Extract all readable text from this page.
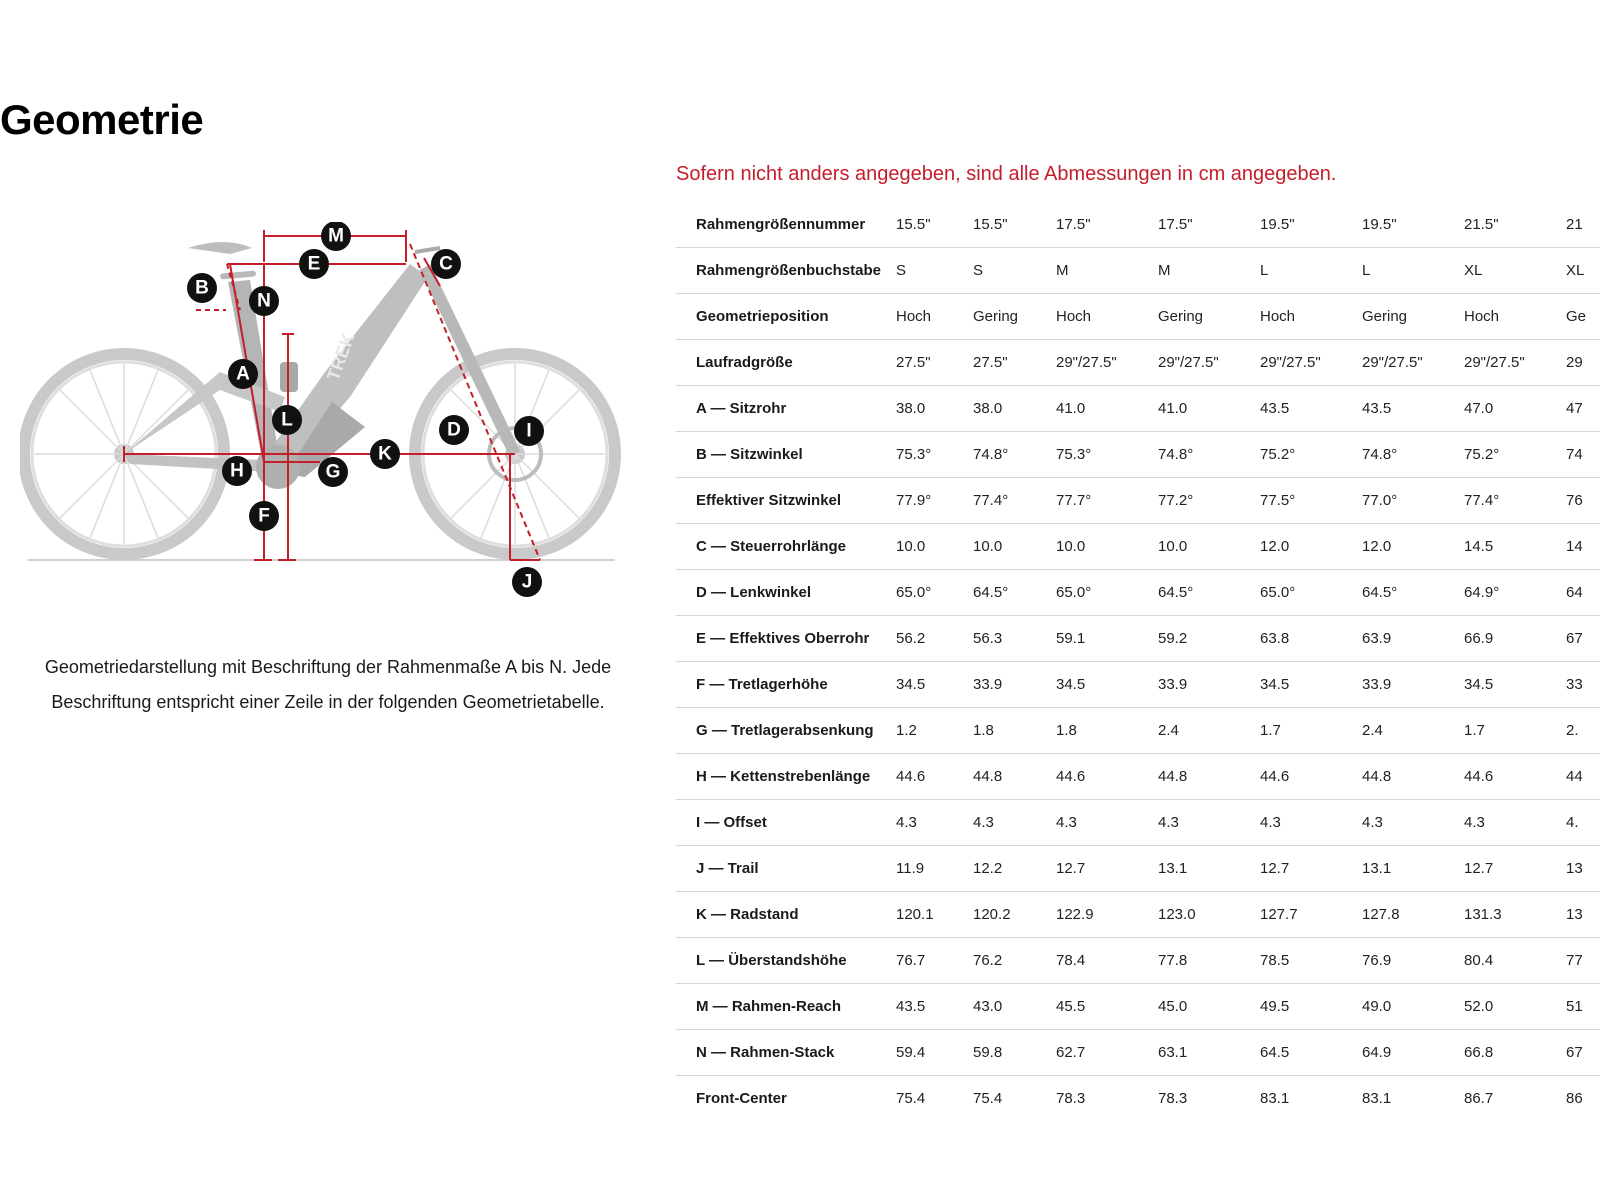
Geometrie
TREK
A
B
C
D
E
F
G
H
I
J
K
L
M
N
Geometriedarstellung mit Beschriftung der Rahmenmaße A bis N. Jede
Beschriftung entspricht einer Zeile in der folgenden Geometrietabelle.
Sofern nicht anders angegeben, sind alle Abmessungen in cm angegeben.
Rahmengrößennummer	15.5"	15.5"	17.5"	17.5"	19.5"	19.5"	21.5"	21
Rahmengrößenbuchstabe	S	S	M	M	L	L	XL	XL
Geometrieposition	Hoch	Gering	Hoch	Gering	Hoch	Gering	Hoch	Ge
Laufradgröße	27.5"	27.5"	29"/27.5"	29"/27.5"	29"/27.5"	29"/27.5"	29"/27.5"	29
A — Sitzrohr	38.0	38.0	41.0	41.0	43.5	43.5	47.0	47
B — Sitzwinkel	75.3°	74.8°	75.3°	74.8°	75.2°	74.8°	75.2°	74
Effektiver Sitzwinkel	77.9°	77.4°	77.7°	77.2°	77.5°	77.0°	77.4°	76
C — Steuerrohrlänge	10.0	10.0	10.0	10.0	12.0	12.0	14.5	14
D — Lenkwinkel	65.0°	64.5°	65.0°	64.5°	65.0°	64.5°	64.9°	64
E — Effektives Oberrohr	56.2	56.3	59.1	59.2	63.8	63.9	66.9	67
F — Tretlagerhöhe	34.5	33.9	34.5	33.9	34.5	33.9	34.5	33
G — Tretlagerabsenkung	1.2	1.8	1.8	2.4	1.7	2.4	1.7	2.
H — Kettenstrebenlänge	44.6	44.8	44.6	44.8	44.6	44.8	44.6	44
I — Offset	4.3	4.3	4.3	4.3	4.3	4.3	4.3	4.
J — Trail	11.9	12.2	12.7	13.1	12.7	13.1	12.7	13
K — Radstand	120.1	120.2	122.9	123.0	127.7	127.8	131.3	13
L — Überstandshöhe	76.7	76.2	78.4	77.8	78.5	76.9	80.4	77
M — Rahmen-Reach	43.5	43.0	45.5	45.0	49.5	49.0	52.0	51
N — Rahmen-Stack	59.4	59.8	62.7	63.1	64.5	64.9	66.8	67
Front-Center	75.4	75.4	78.3	78.3	83.1	83.1	86.7	86
